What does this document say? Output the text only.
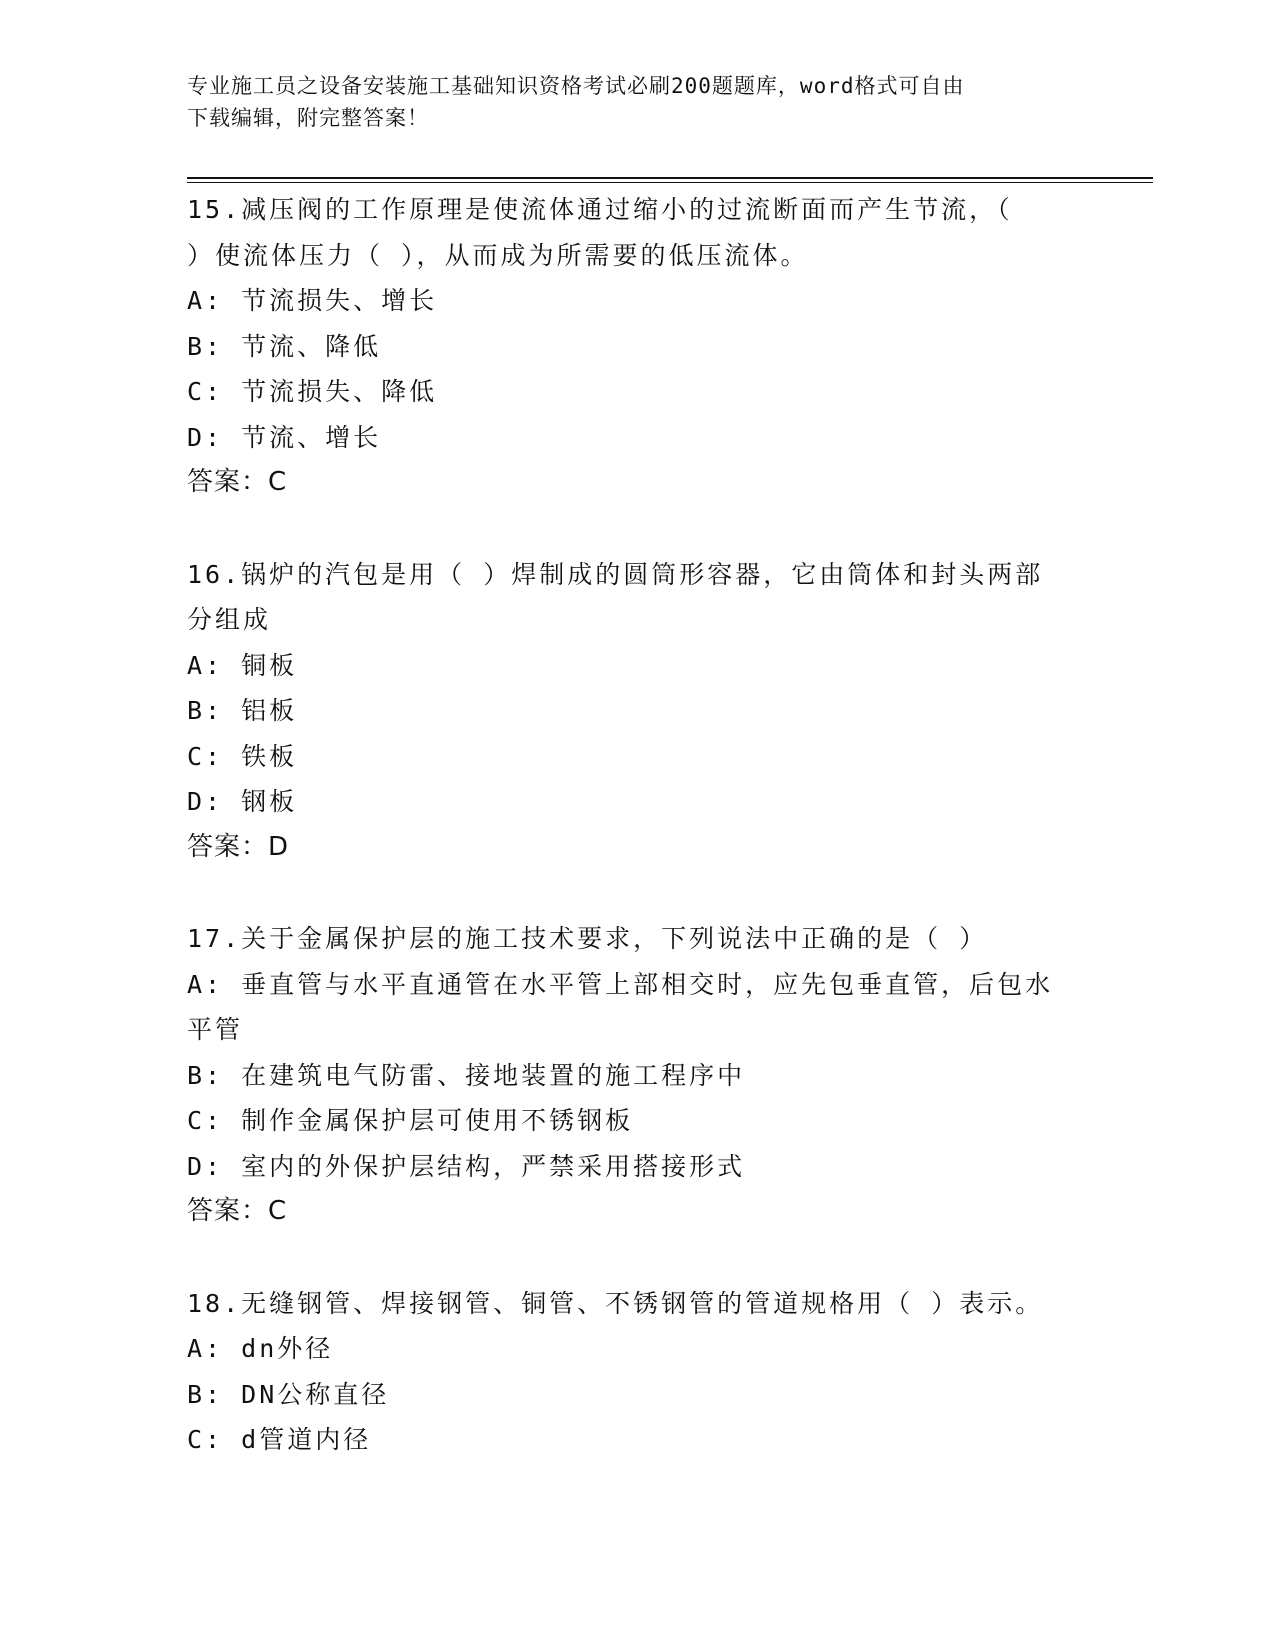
专业施工员之设备安装施工基础知识资格考试必刷200题题库，word格式可自由
下载编辑，附完整答案！
15.减压阀的工作原理是使流体通过缩小的过流断面而产生节流，（
）使流体压力（ ），从而成为所需要的低压流体。
A: 节流损失、增长
B: 节流、降低
C: 节流损失、降低
D: 节流、增长
答案：C
16.锅炉的汽包是用（ ）焊制成的圆筒形容器，它由筒体和封头两部
分组成
A: 铜板
B: 铝板
C: 铁板
D: 钢板
答案：D
17.关于金属保护层的施工技术要求，下列说法中正确的是（ ）
A: 垂直管与水平直通管在水平管上部相交时，应先包垂直管，后包水
平管
B: 在建筑电气防雷、接地装置的施工程序中
C: 制作金属保护层可使用不锈钢板
D: 室内的外保护层结构，严禁采用搭接形式
答案：C
18.无缝钢管、焊接钢管、铜管、不锈钢管的管道规格用（ ）表示。
A: dn外径
B: DN公称直径
C: d管道内径
